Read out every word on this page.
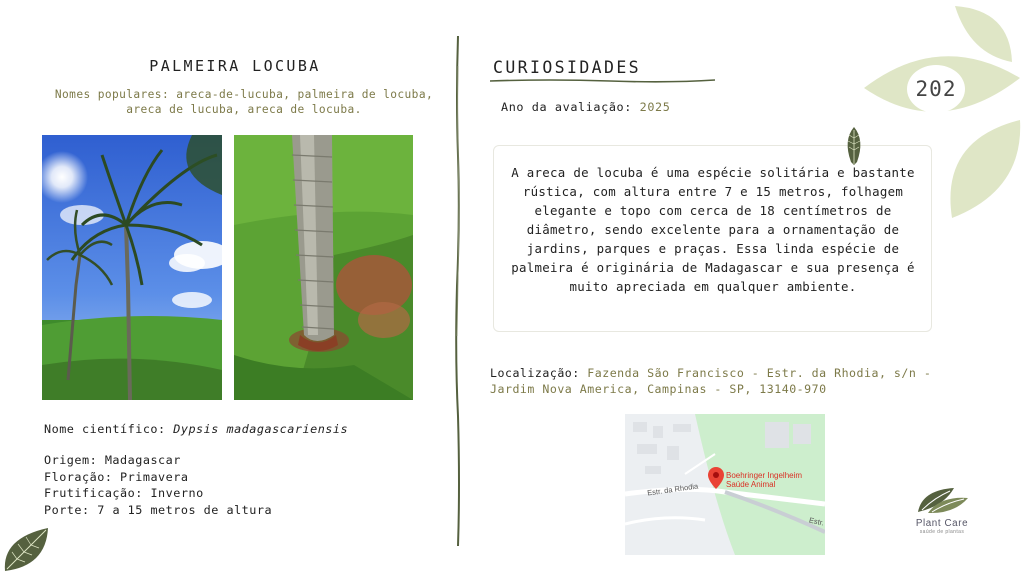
PALMEIRA LOCUBA
Nomes populares: areca-de-lucuba, palmeira de locuba, areca de lucuba, areca de locuba.
Nome científico: Dypsis madagascariensis
Origem: Madagascar
Floração: Primavera
Frutificação: Inverno
Porte: 7 a 15 metros de altura
CURIOSIDADES
Ano da avaliação: 2025
A areca de locuba é uma espécie solitária e bastante rústica, com altura entre 7 e 15 metros, folhagem elegante e topo com cerca de 18 centímetros de diâmetro, sendo excelente para a ornamentação de jardins, parques e praças. Essa linda espécie de palmeira é originária de Madagascar e sua presença é muito apreciada em qualquer ambiente.
Localização: Fazenda São Francisco - Estr. da Rhodia, s/n - Jardim Nova America, Campinas - SP, 13140-970
Boehringer Ingelheim
Saúde Animal
Estr. da Rhodia
Estr.
202
Plant Care
saúde de plantas
